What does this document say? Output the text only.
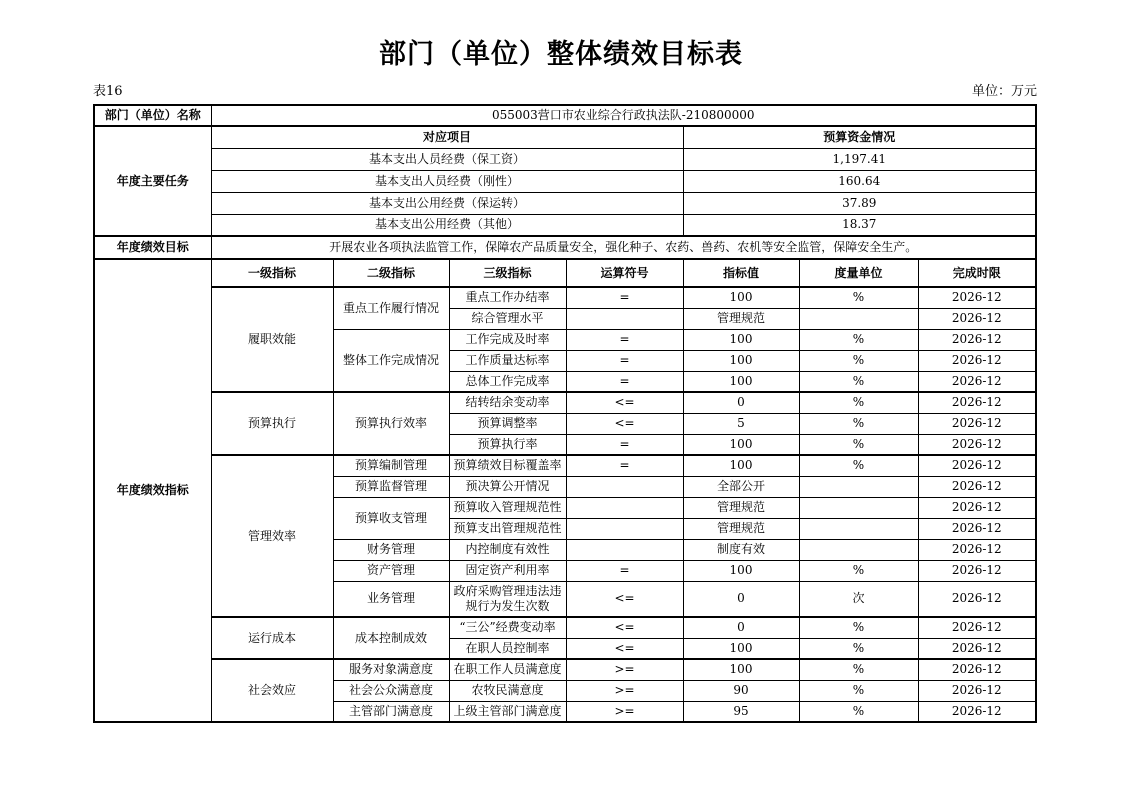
部门（单位）整体绩效目标表
表16	单位：万元
部门（单位）名称	055003营口市农业综合行政执法队-210800000						
年度主要任务	对应项目				预算资金情况		
	基本支出人员经费（保工资）				1,197.41		
	基本支出人员经费（刚性）				160.64		
	基本支出公用经费（保运转）				37.89		
	基本支出公用经费（其他）				18.37		
年度绩效目标	开展农业各项执法监管工作，保障农产品质量安全，强化种子、农药、兽药、农机等安全监管，保障安全生产。						
年度绩效指标	一级指标	二级指标	三级指标	运算符号	指标值	度量单位	完成时限
	履职效能	重点工作履行情况	重点工作办结率	=	100	%	2026-12
			综合管理水平		管理规范		2026-12
		整体工作完成情况	工作完成及时率	=	100	%	2026-12
			工作质量达标率	=	100	%	2026-12
			总体工作完成率	=	100	%	2026-12
	预算执行	预算执行效率	结转结余变动率	<=	0	%	2026-12
			预算调整率	<=	5	%	2026-12
			预算执行率	=	100	%	2026-12
	管理效率	预算编制管理	预算绩效目标覆盖率	=	100	%	2026-12
		预算监督管理	预决算公开情况		全部公开		2026-12
		预算收支管理	预算收入管理规范性		管理规范		2026-12
			预算支出管理规范性		管理规范		2026-12
		财务管理	内控制度有效性		制度有效		2026-12
		资产管理	固定资产利用率	=	100	%	2026-12
		业务管理	政府采购管理违法违规行为发生次数	<=	0	次	2026-12
	运行成本	成本控制成效	“三公”经费变动率	<=	0	%	2026-12
			在职人员控制率	<=	100	%	2026-12
	社会效应	服务对象满意度	在职工作人员满意度	>=	100	%	2026-12
		社会公众满意度	农牧民满意度	>=	90	%	2026-12
		主管部门满意度	上级主管部门满意度	>=	95	%	2026-12
